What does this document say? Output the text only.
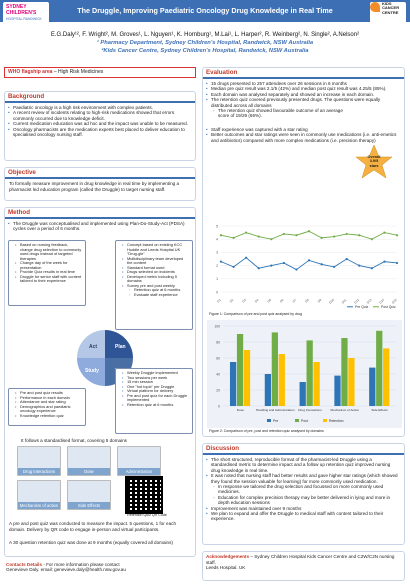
SYDNEY
CHILDREN'S
HOSPITAL RANDWICK
The Druggle, Improving Paediatric Oncology Drug Knowledge in Real Time
KIDS
CANCER
CENTRE
E.G.Daly¹², F. Wright², M. Groves¹, L. Nguyen¹, K. Hornburg¹, M.Lai¹, L. Harper², R. Weinberg², N. Single², A.Nelson²
¹ Pharmacy Department, Sydney Children's Hospital, Randwick, NSW Australia
²Kids Cancer Centre, Sydney Children's Hospital, Randwick, NSW Australia
WHO flagship area – High Risk Medicines
Background
• Paediatric oncology is a high risk environment with complex patients.
• A recent review of incidents relating to high-risk medications showed that errors commonly occurred due to knowledge deficit.
• Current medication education was ad hoc and the impact was unable to be measured.
• Oncology pharmacists are the medication experts best placed to deliver education to specialised oncology nursing staff.
Objective
To formally measure improvement in drug knowledge in real time by implementing a pharmacist led education program (called the Druggle) to target nursing staff.
Method
• The Druggle was conceptualised and implemented using Plan-Do-Study-Act (PDSA) cycles over a period of 6 months.
• Based on nursing feedback, change drug selection to commonly used drugs instead of targeted therapies
• Change day of the week for presentation
• Provide Quiz results in real time
• Druggle for senior staff with content tailored to their experience
• Concept based on existing KCC Huddle and Leeds Hospital UK "Drug-gle"
• Multidisciplinary team developed the content
• Standard format used
• Drugs selected on incidents
• Developed metric including 5 domains
• Survey pre and post weekly
◦ Retention quiz at 6 months
◦ Evaluate staff experience
Plan
Study
Act
• Pre and post quiz results
• Performance in each domain
• Attendance and star rating
• Demographics and paediatric oncology experience
• Knowledge retention quiz
• Weekly Druggle implemented
• Two sessions per week
• 15 min session
• One "hot topic" per Druggle
• Virtual platform for delivery
• Pre and post quiz for each Druggle implemented
• Retention quiz at 6 months
It follows a standardised format, covering 5 domains
Drug Interactions	Dose	Administration
Mechanism of action	Side Effects
Retention Quiz QR Code
A pre and post quiz was conducted to measure the impact. 5 questions, 1 for each domain. Delivery by QR code to engage in-person and virtual participants.
A 30 question retention quiz was done at 9 months (equally covered all domains)
Contacts Details - For more information please contact
Genevieve Daly. email: genevieve.daly@health.nsw.gov.au
Evaluation
• 15 drugs presented to 257 attendees over 26 sessions in 6 months
• Median pre quiz result was 2.1/5 (42%) and median post quiz result was 4.25/5 (85%).
• Each domain was analysed separately and showed an increase in each domain.
• The retention quiz covered previously presented drugs. The questions were equally distributed across all domains
◦ The retention quiz showed favourable outcome of an average score of 19/29 (66%).
Overall
3.9/5
stars
• Staff experience was captured with a star rating
• Better outcomes and star ratings were seen in commonly use medications (i.e. anti-emetics and antibiotics) compared with more complex medications (i.e. precision therapy)
0
1
2
3
4
5
D1 D2 D3 D4 D5 D6 D7 D8 D9 D10 D11 D12 D13 D14 D15
Pre Quiz	Post Quiz
Figure 1: Comparison of pre and post quiz analysed by drug
0
20
40
60
80
100
Dose	Handling and Administration Drug Interactions	Mechanism of Action	Side Effects
Pre	Post	Retention
Figure 2: Comparison of pre, post and retention quiz analysed by domains
Discussion
• The short structured, reproducible format of the pharmacist-led Druggle using a standardised metric to determine impact and a follow up retention quiz improved nursing drug knowledge in real time.
• It was noted that nursing staff had better results and gave higher star ratings (which showed they found the session valuable for learning) for more commonly used medication.
◦ In response we tailored the drug selection and focussed on more commonly used medicines.
◦ Education for complex precision therapy may be better delivered in lying and more in depth education sessions
• Improvement was maintained over 9 months
• We plan to expand and offer the Druggle to medical staff with content tailored to their experience.
Acknowledgements – Sydney Children Hospital Kids Cancer Centre and C2W/C2N nursing staff.
Leeds Hospital. UK
